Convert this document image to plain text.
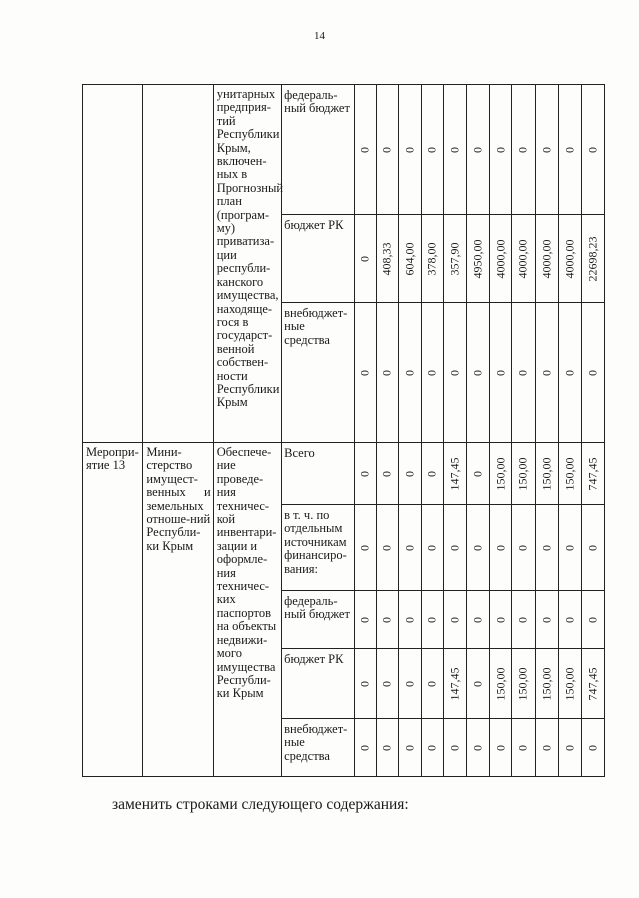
14

		унитарных предприя-тий Республики Крым, включен-ных в Прогнозный план (програм-му) приватиза-ции республи-канского имущества, находяще-гося в государст-венной собствен-ности Республики Крым	федераль-ный бюджет	0	0	0	0	0	0	0	0	0	0	0

			бюджет РК	0	408,33	604,00	378,00	357,90	4950,00	4000,00	4000,00	4000,00	4000,00	22698,23

			внебюджет-ные средства	0	0	0	0	0	0	0	0	0	0	0

Меропри-ятие 13	Мини-стерство имущест-венных и земельных отноше-ний Республи-ки Крым	Обеспече-ние проведе-ния техничес-кой инвентари-зации и оформле-ния техничес-ких паспортов на объекты недвижи-мого имущества Республи-ки Крым	Всего	0	0	0	0	147,45	0	150,00	150,00	150,00	150,00	747,45

			в т. ч. по отдельным источникам финансиро-вания:	0	0	0	0	0	0	0	0	0	0	0

			федераль-ный бюджет	0	0	0	0	0	0	0	0	0	0	0

			бюджет РК	0	0	0	0	147,45	0	150,00	150,00	150,00	150,00	747,45

			внебюджет-ные средства	0	0	0	0	0	0	0	0	0	0	0
заменить строками следующего содержания:
